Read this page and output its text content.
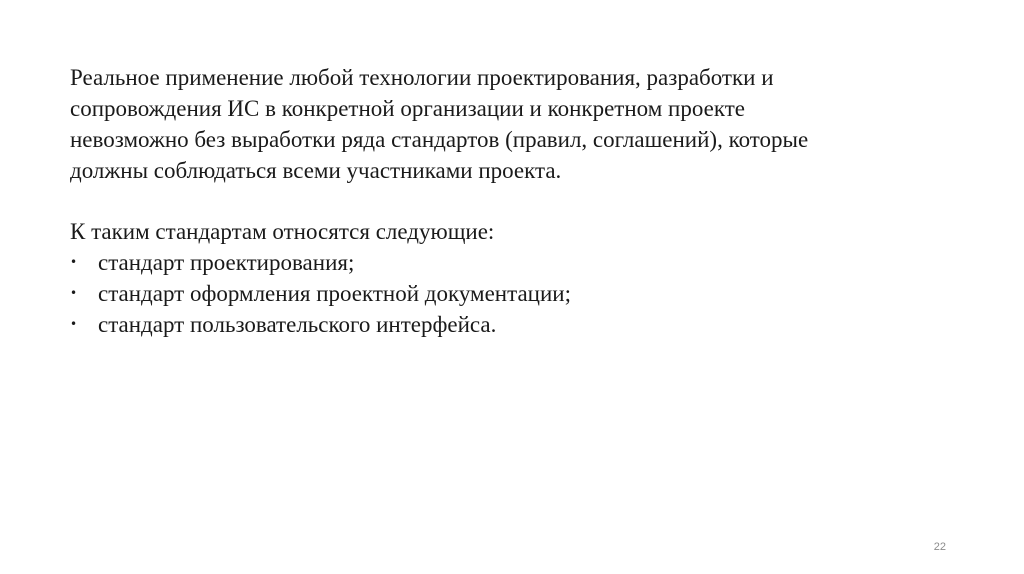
Реальное применение любой технологии проектирования, разработки и
сопровождения ИС в конкретной организации и конкретном проекте
невозможно без выработки ряда стандартов (правил, соглашений), которые
должны соблюдаться всеми участниками проекта.

К таким стандартам относятся следующие:

• стандарт проектирования;
• стандарт оформления проектной документации;
• стандарт пользовательского интерфейса.
22
